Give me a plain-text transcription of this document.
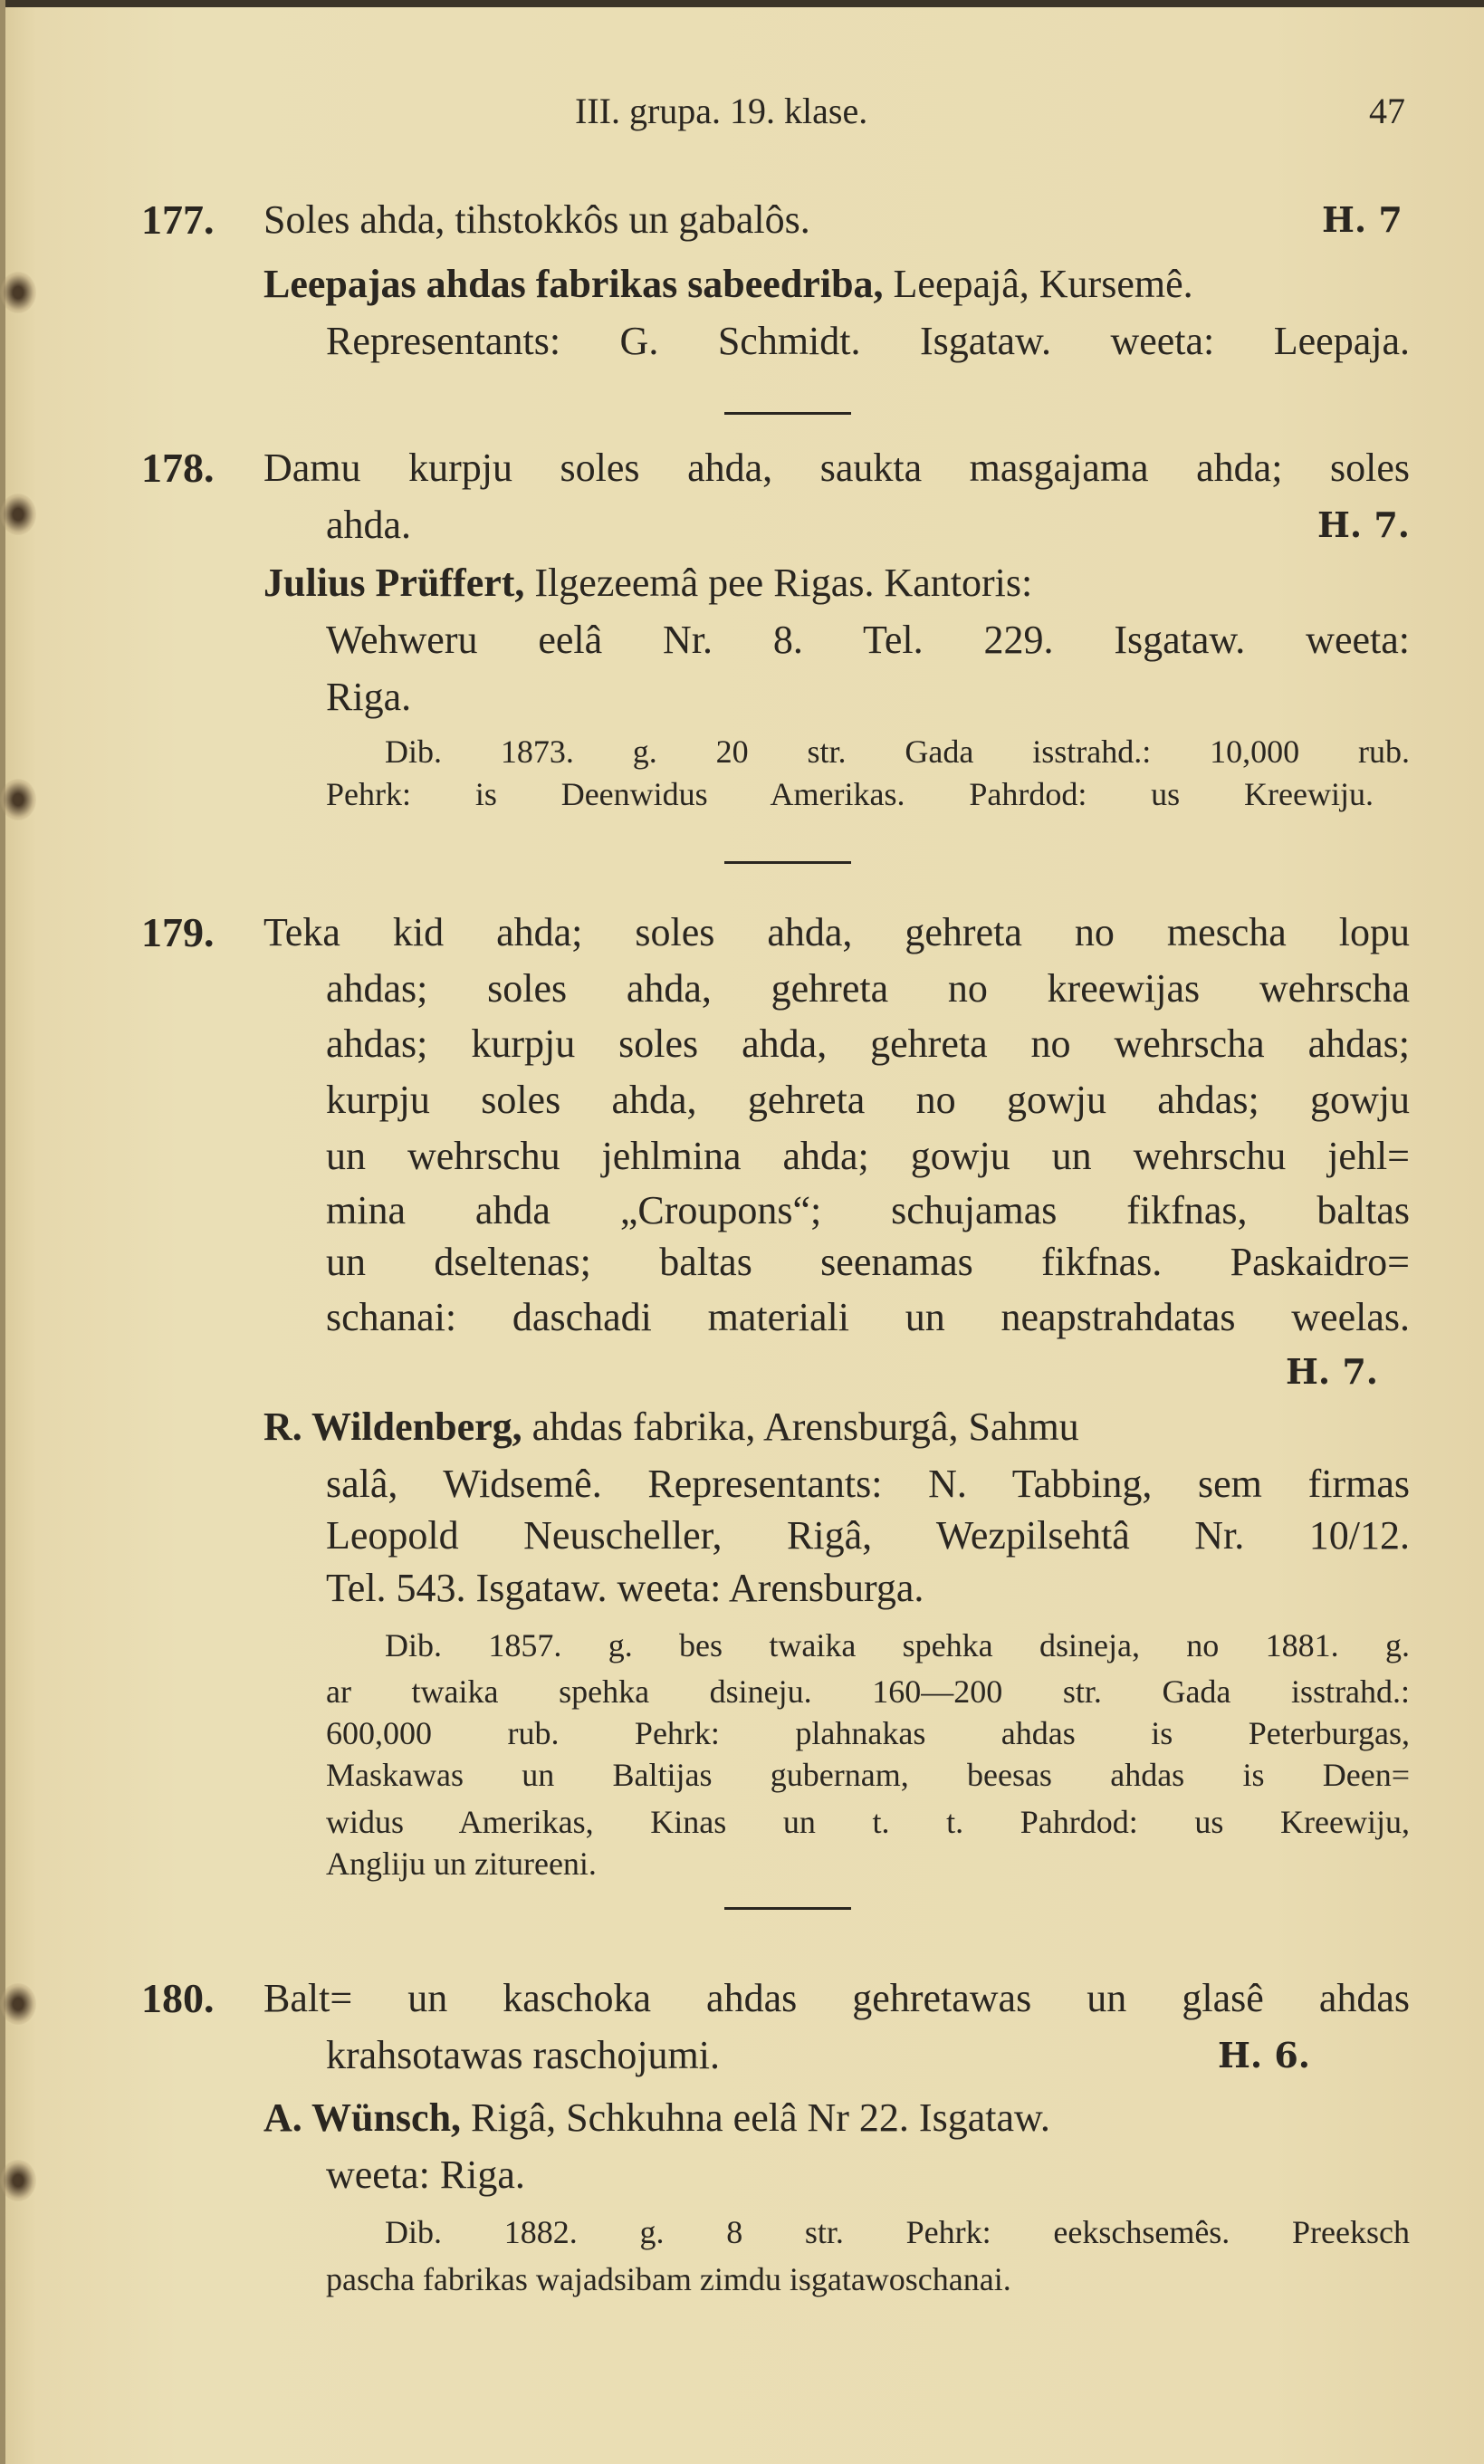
III. grupa. 19. klase.	47
177. Soles ahda, tihstokkôs un gabalôs.	H. 7
Leepajas ahdas fabrikas sabeedriba, Leepajâ, Kursemê.
Representants: G. Schmidt. Isgataw. weeta: Leepaja.
178. Damu kurpju soles ahda, saukta masgajama ahda; soles
ahda.	H. 7.
Julius Prüffert, Ilgezeemâ pee Rigas. Kantoris:
Wehweru eelâ Nr. 8. Tel. 229. Isgataw. weeta:
Riga.
Dib. 1873. g. 20 str. Gada isstrahd.: 10,000 rub.
Pehrk: is Deenwidus Amerikas. Pahrdod: us Kreewiju.
179. Teka kid ahda; soles ahda, gehreta no mescha lopu
ahdas; soles ahda, gehreta no kreewijas wehrscha
ahdas; kurpju soles ahda, gehreta no wehrscha ahdas;
kurpju soles ahda, gehreta no gowju ahdas; gowju
un wehrschu jehlmina ahda; gowju un wehrschu jehl=
mina ahda „Croupons“; schujamas fikfnas, baltas
un dseltenas; baltas seenamas fikfnas. Paskaidro=
schanai: daschadi materiali un neapstrahdatas weelas.
H. 7.
R. Wildenberg, ahdas fabrika, Arensburgâ, Sahmu
salâ, Widsemê. Representants: N. Tabbing, sem firmas
Leopold Neuscheller, Rigâ, Wezpilsehtâ Nr. 10/12.
Tel. 543. Isgataw. weeta: Arensburga.
Dib. 1857. g. bes twaika spehka dsineja, no 1881. g.
ar twaika spehka dsineju. 160—200 str. Gada isstrahd.:
600,000 rub. Pehrk: plahnakas ahdas is Peterburgas,
Maskawas un Baltijas gubernam, beesas ahdas is Deen=
widus Amerikas, Kinas un t. t. Pahrdod: us Kreewiju,
Angliju un zitureeni.
180. Balt= un kaschoka ahdas gehretawas un glasê ahdas
krahsotawas raschojumi.	H. 6.
A. Wünsch, Rigâ, Schkuhna eelâ Nr 22. Isgataw.
weeta: Riga.
Dib. 1882. g. 8 str. Pehrk: eekschsemês. Preeksch
pascha fabrikas wajadsibam zimdu isgatawoschanai.
